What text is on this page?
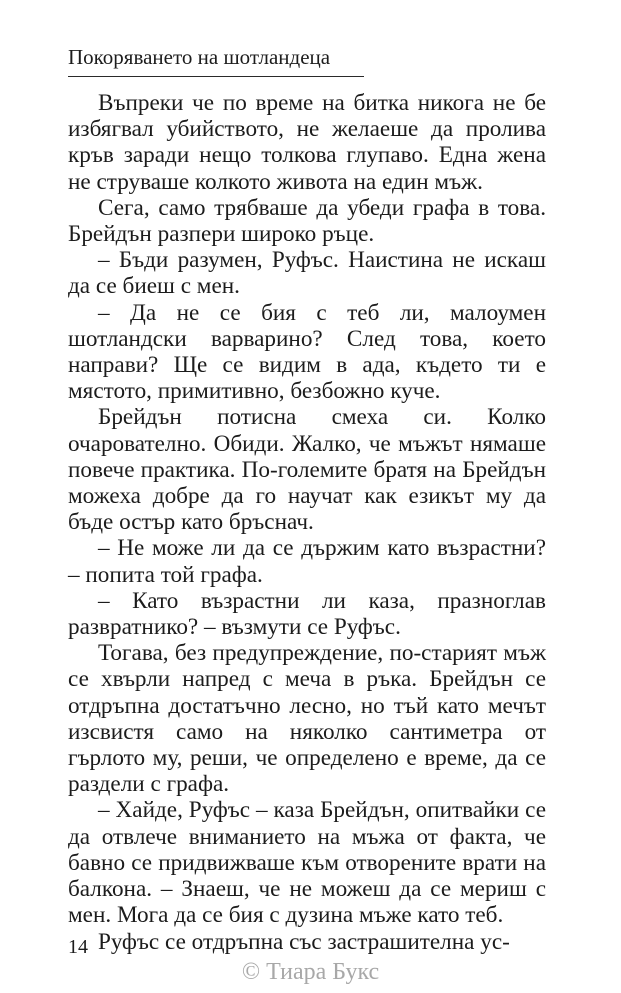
Покоряването на шотландеца

Въпреки че по време на битка никога не бе избягвал убийството, не желаеше да пролива кръв заради нещо толкова глупаво. Една жена не струваше колкото живота на един мъж.

Сега, само трябваше да убеди графа в това. Брейдън разпери широко ръце.

– Бъди разумен, Руфъс. Наистина не искаш да се биеш с мен.

– Да не се бия с теб ли, малоумен шотландски варварино? След това, което направи? Ще се видим в ада, където ти е мястото, примитивно, безбожно куче.

Брейдън потисна смеха си. Колко очарователно. Обиди. Жалко, че мъжът нямаше повече практика. По-големите братя на Брейдън можеха добре да го научат как езикът му да бъде остър като бръснач.

– Не може ли да се държим като възрастни? – попита той графа.

– Като възрастни ли каза, празноглав развратнико? – възмути се Руфъс.

Тогава, без предупреждение, по-старият мъж се хвърли напред с меча в ръка. Брейдън се отдръпна достатъчно лесно, но тъй като мечът изсвистя само на няколко сантиметра от гърлото му, реши, че определено е време, да се раздели с графа.

– Хайде, Руфъс – каза Брейдън, опитвайки се да отвлече вниманието на мъжа от факта, че бавно се придвижваше към отворените врати на балкона. – Знаеш, че не можеш да се мериш с мен. Мога да се бия с дузина мъже като теб.

Руфъс се отдръпна със застрашителна ус-

14
© Тиара Букс
